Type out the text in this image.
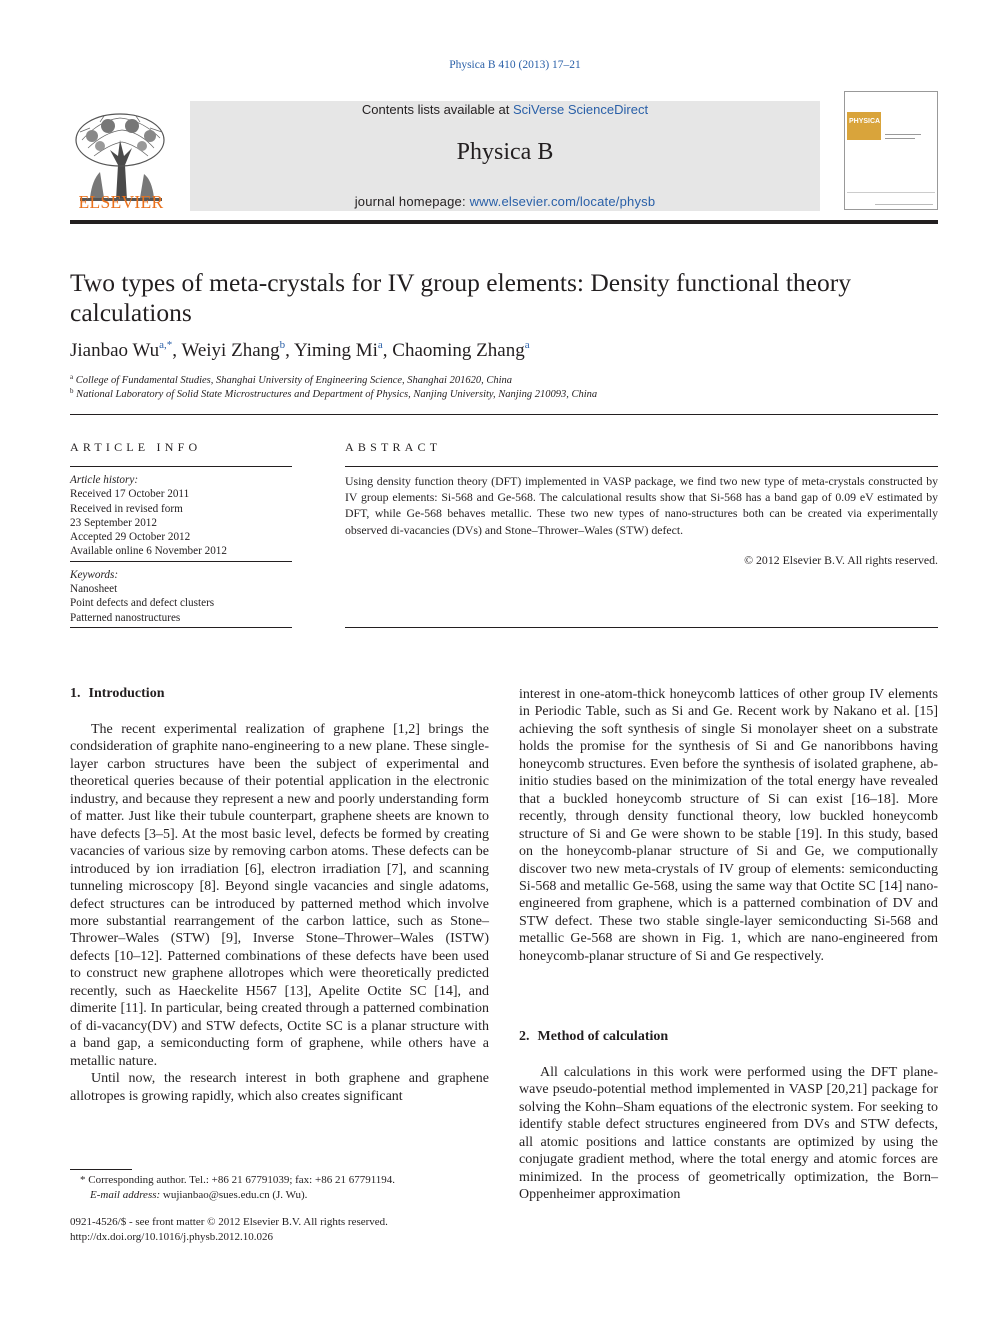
Physica B 410 (2013) 17–21
ELSEVIER
Contents lists available at SciVerse ScienceDirect
Physica B
journal homepage: www.elsevier.com/locate/physb
PHYSICA
Two types of meta-crystals for IV group elements: Density functional theory calculations
Jianbao $Wu^{a,*}$, Weiyi Zhang$^b$, Yiming Mi$^a$, Chaoming Zhang$^a$
$^a$ College of Fundamental Studies, Shanghai University of Engineering Science, Shanghai 201620, China
$^b$ National Laboratory of Solid State Microstructures and Department of Physics, Nanjing University, Nanjing 210093, China
ARTICLE INFO
Article history:
Received 17 October 2011
Received in revised form
23 September 2012
Accepted 29 October 2012
Available online 6 November 2012
Keywords:
Nanosheet
Point defects and defect clusters
Patterned nanostructures
ABSTRACT
Using density function theory (DFT) implemented in VASP package, we find two new type of meta-crystals constructed by IV group elements: Si-568 and Ge-568. The calculational results show that Si-568 has a band gap of 0.09 eV estimated by DFT, while Ge-568 behaves metallic. These two new types of nano-structures both can be created via experimentally observed di-vacancies (DVs) and Stone–Thrower–Wales (STW) defect.
© 2012 Elsevier B.V. All rights reserved.
1. Introduction

The recent experimental realization of graphene [1,2] brings the condsideration of graphite nano-engineering to a new plane. These single-layer carbon structures have been the subject of experimental and theoretical queries because of their potential application in the electronic industry, and because they represent a new and poorly understanding form of matter. Just like their tubule counterpart, graphene sheets are known to have defects [3–5]. At the most basic level, defects be formed by creating vacancies of various size by removing carbon atoms. These defects can be introduced by ion irradiation [6], electron irradiation [7], and scanning tunneling microscopy [8]. Beyond single vacancies and single adatoms, defect structures can be introduced by patterned method which involve more substantial rearrangement of the carbon lattice, such as Stone–Thrower–Wales (STW) [9], Inverse Stone–Thrower–Wales (ISTW) defects [10–12]. Patterned combinations of these defects have been used to construct new graphene allotropes which were theoretically predicted recently, such as Haeckelite H567 [13], Apelite Octite SC [14], and dimerite [11]. In particular, being created through a patterned combination of di-vacancy(DV) and STW defects, Octite SC is a planar structure with a band gap, a semiconducting form of graphene, while others have a metallic nature.

Until now, the research interest in both graphene and graphene allotropes is growing rapidly, which also creates significant

interest in one-atom-thick honeycomb lattices of other group IV elements in Periodic Table, such as Si and Ge. Recent work by Nakano et al. [15] achieving the soft synthesis of single Si monolayer sheet on a substrate holds the promise for the synthesis of Si and Ge nanoribbons having honeycomb structures. Even before the synthesis of isolated graphene, ab-initio studies based on the minimization of the total energy have revealed that a buckled honeycomb structure of Si can exist [16–18]. More recently, through density functional theory, low buckled honeycomb structure of Si and Ge were shown to be stable [19]. In this study, based on the honeycomb-planar structure of Si and Ge, we computionally discover two new meta-crystals of IV group of elements: semiconducting Si-568 and metallic Ge-568, using the same way that Octite SC [14] nano-engineered from graphene, which is a patterned combination of DV and STW defect. These two stable single-layer semiconducting Si-568 and metallic Ge-568 are shown in Fig. 1, which are nano-engineered from honeycomb-planar structure of Si and Ge respectively.

2. Method of calculation

All calculations in this work were performed using the DFT plane-wave pseudo-potential method implemented in VASP [20,21] package for solving the Kohn–Sham equations of the electronic system. For seeking to identify stable defect structures engineered from DVs and STW defects, all atomic positions and lattice constants are optimized by using the conjugate gradient method, where the total energy and atomic forces are minimized. In the process of geometrically optimization, the Born–Oppenheimer approximation

* Corresponding author. Tel.: +86 21 67791039; fax: +86 21 67791194.
E-mail address: wujianbao@sues.edu.cn (J. Wu).
0921-4526/$ - see front matter © 2012 Elsevier B.V. All rights reserved.
http://dx.doi.org/10.1016/j.physb.2012.10.026
